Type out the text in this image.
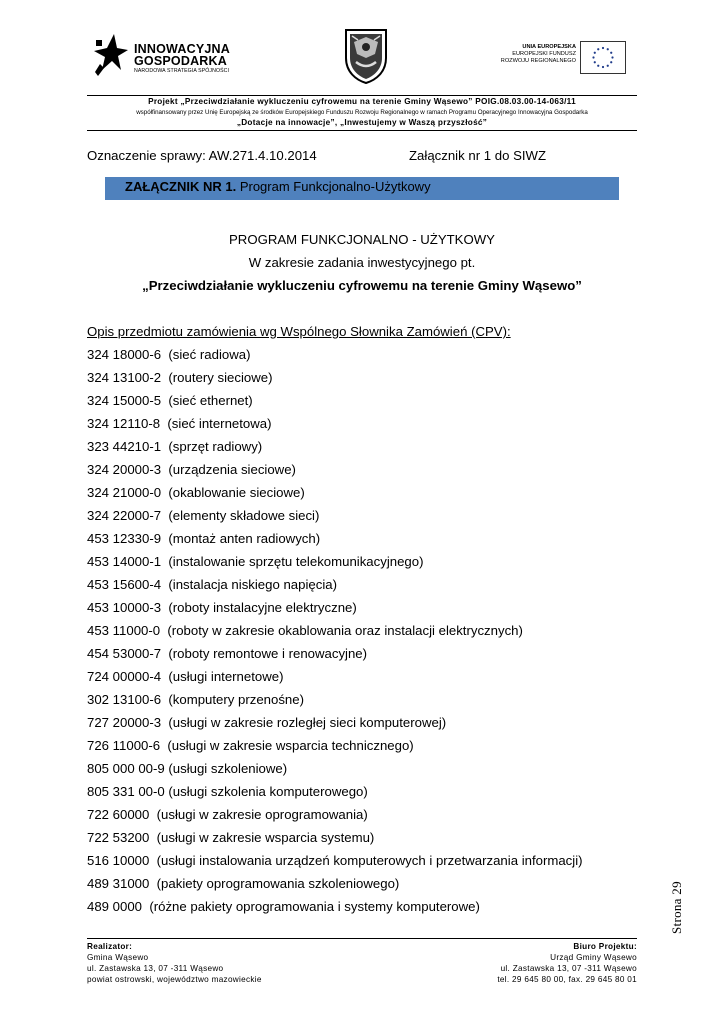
INNOWACYJNA
GOSPODARKA
NARODOWA STRATEGIA SPÓJNOŚCI
UNIA EUROPEJSKA
EUROPEJSKI FUNDUSZ
ROZWOJU REGIONALNEGO
Projekt „Przeciwdziałanie wykluczeniu cyfrowemu na terenie Gminy Wąsewo” POIG.08.03.00-14-063/11
współfinansowany przez Unię Europejską ze środków Europejskiego Funduszu Rozwoju Regionalnego w ramach Programu Operacyjnego Innowacyjna Gospodarka
„Dotacje na innowacje”, „Inwestujemy w Waszą przyszłość”
Oznaczenie sprawy: AW.271.4.10.2014	Załącznik nr 1 do SIWZ
ZAŁĄCZNIK NR 1. Program Funkcjonalno-Użytkowy
PROGRAM FUNKCJONALNO - UŻYTKOWY
W zakresie zadania inwestycyjnego pt.
„Przeciwdziałanie wykluczeniu cyfrowemu na terenie Gminy Wąsewo”
Opis przedmiotu zamówienia wg Wspólnego Słownika Zamówień (CPV):
324 18000-6  (sieć radiowa)
324 13100-2  (routery sieciowe)
324 15000-5  (sieć ethernet)
324 12110-8  (sieć internetowa)
323 44210-1  (sprzęt radiowy)
324 20000-3  (urządzenia sieciowe)
324 21000-0  (okablowanie sieciowe)
324 22000-7  (elementy składowe sieci)
453 12330-9  (montaż anten radiowych)
453 14000-1  (instalowanie sprzętu telekomunikacyjnego)
453 15600-4  (instalacja niskiego napięcia)
453 10000-3  (roboty instalacyjne elektryczne)
453 11000-0  (roboty w zakresie okablowania oraz instalacji elektrycznych)
454 53000-7  (roboty remontowe i renowacyjne)
724 00000-4  (usługi internetowe)
302 13100-6  (komputery przenośne)
727 20000-3  (usługi w zakresie rozległej sieci komputerowej)
726 11000-6  (usługi w zakresie wsparcia technicznego)
805 000 00-9 (usługi szkoleniowe)
805 331 00-0 (usługi szkolenia komputerowego)
722 60000  (usługi w zakresie oprogramowania)
722 53200  (usługi w zakresie wsparcia systemu)
516 10000  (usługi instalowania urządzeń komputerowych i przetwarzania informacji)
489 31000  (pakiety oprogramowania szkoleniowego)
489 0000  (różne pakiety oprogramowania i systemy komputerowe)	Strona 29
Realizator:
Gmina Wąsewo
ul. Zastawska 13, 07 -311 Wąsewo
powiat ostrowski, województwo mazowieckie
Biuro Projektu:
Urząd Gminy Wąsewo
ul. Zastawska 13, 07 -311 Wąsewo
tel. 29 645 80 00, fax. 29 645 80 01
